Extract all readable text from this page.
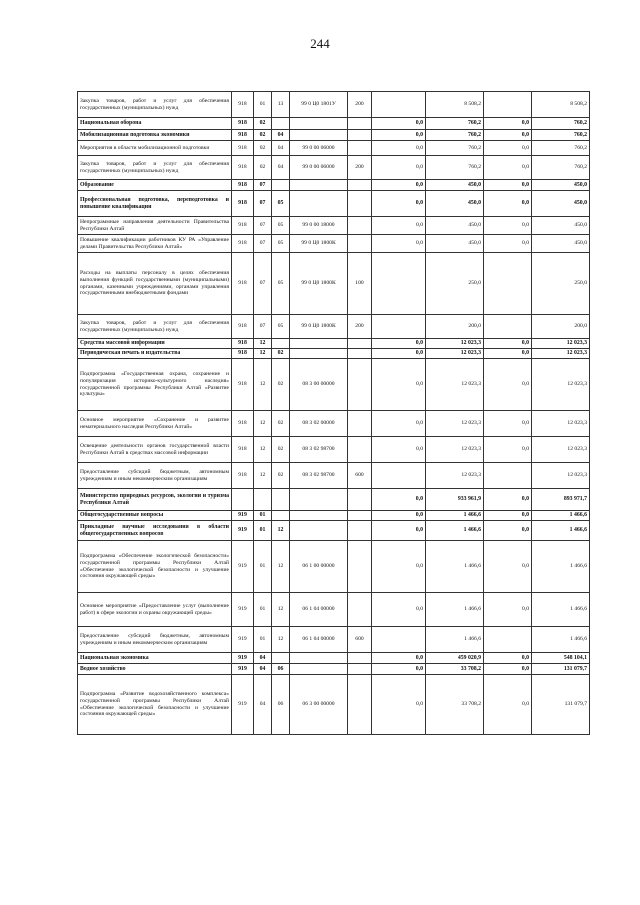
244
Закупка товаров, работ и услуг для обеспечения государственных (муниципальных) нужд	918	01	13	99 0 Ц0 1801У	200		8 508,2		8 508,2
Национальная оборона	918	02				0,0	760,2	0,0	760,2
Мобилизационная подготовка экономики	918	02	04			0,0	760,2	0,0	760,2
Мероприятия в области мобилизационной подготовки	918	02	04	99 0 00 06000		0,0	760,2	0,0	760,2
Закупка товаров, работ и услуг для обеспечения государственных (муниципальных) нужд	918	02	04	99 0 00 06000	200	0,0	760,2	0,0	760,2
Образование	918	07				0,0	450,0	0,0	450,0
Профессиональная подготовка, переподготовка и повышение квалификации	918	07	05			0,0	450,0	0,0	450,0
Непрограммные направления деятельности Правительства Республики Алтай	918	07	05	99 0 00 18000		0,0	450,0	0,0	450,0
Повышение квалификации работников КУ РА «Управление делами Правительства Республики Алтай»	918	07	05	99 0 Ц0 1800К		0,0	450,0	0,0	450,0
Расходы на выплаты персоналу в целях обеспечения выполнения функций государственными (муниципальными) органами, казенными учреждениями, органами управления государственными внебюджетными фондами	918	07	05	99 0 Ц0 1800К	100		250,0		250,0
Закупка товаров, работ и услуг для обеспечения государственных (муниципальных) нужд	918	07	05	99 0 Ц0 1800К	200		200,0		200,0
Средства массовой информации	918	12				0,0	12 023,3	0,0	12 023,3
Периодическая печать и издательства	918	12	02			0,0	12 023,3	0,0	12 023,3
Подпрограмма «Государственная охрана, сохранение и популяризация историко-культурного наследия» государственной программы Республики Алтай «Развитие культуры»	918	12	02	08 3 00 00000		0,0	12 023,3	0,0	12 023,3
Основное мероприятие «Сохранение и развитие нематериального наследия Республики Алтай»	918	12	02	08 3 02 00000		0,0	12 023,3	0,0	12 023,3
Освещение деятельности органов государственной власти Республики Алтай в средствах массовой информации	918	12	02	08 3 02 98700		0,0	12 023,3	0,0	12 023,3
Предоставление субсидий бюджетным, автономным учреждениям и иным некоммерческим организациям	918	12	02	08 3 02 98700	600		12 023,3		12 023,3
Министерство природных ресурсов, экологии и туризма Республики Алтай						0,0	933 961,9	0,0	893 971,7
Общегосударственные вопросы	919	01				0,0	1 466,6	0,0	1 466,6
Прикладные научные исследования в области общегосударственных вопросов	919	01	12			0,0	1 466,6	0,0	1 466,6
Подпрограмма «Обеспечение экологической безопасности» государственной программы Республики Алтай «Обеспечение экологической безопасности и улучшение состояния окружающей среды»	919	01	12	06 1 00 00000		0,0	1 466,6	0,0	1 466,6
Основное мероприятие «Предоставление услуг (выполнение работ) в сфере экологии и охраны окружающей среды»	919	01	12	06 1 04 00000		0,0	1 466,6	0,0	1 466,6
Предоставление субсидий бюджетным, автономным учреждениям и иным некоммерческим организациям	919	01	12	06 1 04 00000	600		1 466,6		1 466,6
Национальная экономика	919	04				0,0	459 020,9	0,0	548 104,1
Водное хозяйство	919	04	06			0,0	33 708,2	0,0	131 079,7
Подпрограмма «Развитие водохозяйственного комплекса» государственной программы Республики Алтай «Обеспечение экологической безопасности и улучшение состояния окружающей среды»	919	04	06	06 3 00 00000		0,0	33 708,2	0,0	131 079,7
